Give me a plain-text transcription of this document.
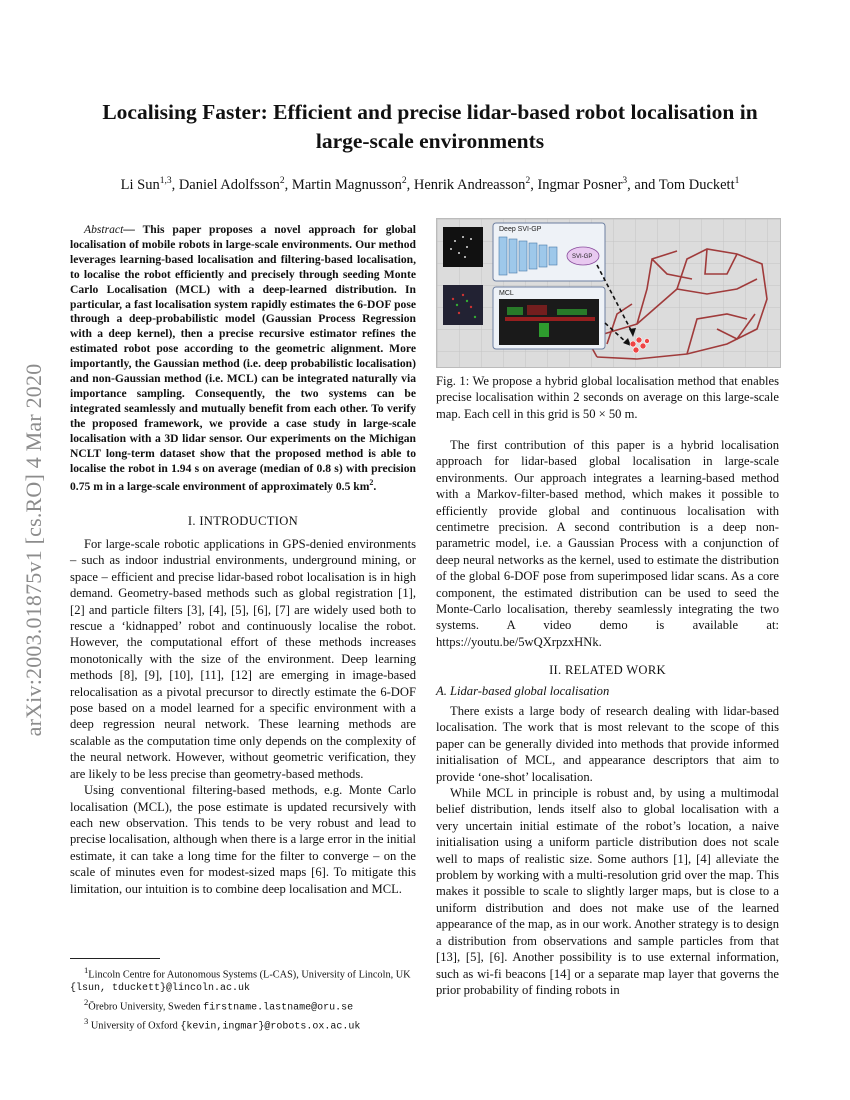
arXiv:2003.01875v1 [cs.RO] 4 Mar 2020
Localising Faster: Efficient and precise lidar-based robot localisation in
large-scale environments
Li Sun$^{1,3}$, Daniel Adolfsson$^2$, Martin Magnusson$^2$, Henrik Andreasson$^2$, Ingmar Posner$^3$, and Tom Duckett$^1$

Abstract— This paper proposes a novel approach for global localisation of mobile robots in large-scale environments. Our method leverages learning-based localisation and filtering-based localisation, to localise the robot efficiently and precisely through seeding Monte Carlo Localisation (MCL) with a deep-learned distribution. In particular, a fast localisation system rapidly estimates the 6-DOF pose through a deep-probabilistic model (Gaussian Process Regression with a deep kernel), then a precise recursive estimator refines the estimated robot pose according to the geometric alignment. More importantly, the Gaussian method (i.e. deep probabilistic localisation) and non-Gaussian method (i.e. MCL) can be integrated naturally via importance sampling. Consequently, the two systems can be integrated seamlessly and mutually benefit from each other. To verify the proposed framework, we provide a case study in large-scale localisation with a 3D lidar sensor. Our experiments on the Michigan NCLT long-term dataset show that the proposed method is able to localise the robot in 1.94 s on average (median of 0.8 s) with precision 0.75 m in a large-scale environment of approximately 0.5 $km^2$.

I. INTRODUCTION

For large-scale robotic applications in GPS-denied environments – such as indoor industrial environments, underground mining, or space – efficient and precise lidar-based robot localisation is in high demand. Geometry-based methods such as global registration [1], [2] and particle filters [3], [4], [5], [6], [7] are widely used both to rescue a ‘kidnapped’ robot and continuously localise the robot. However, the computational effort of these methods increases monotonically with the size of the environment. Deep learning methods [8], [9], [10], [11], [12] are emerging in image-based relocalisation as a pivotal precursor to directly estimate the 6-DOF pose based on a model learned for a specific environment with a deep regression neural network. These learning methods are scalable as the computation time only depends on the complexity of the neural network. However, without geometric verification, they are likely to be less precise than geometry-based methods.

Using conventional filtering-based methods, e.g. Monte Carlo localisation (MCL), the pose estimate is updated recursively with each new observation. This tends to be very robust and lead to precise localisation, although when there is a large error in the initial estimate, it can take a long time for the filter to converge – on the scale of minutes even for modest-sized maps [6]. To mitigate this limitation, our intuition is to combine deep localisation and MCL.

$^1$Lincoln Centre for Autonomous Systems (L-CAS), University of Lincoln, UK {lsun, tduckett}@lincoln.ac.uk
$^2$Örebro University, Sweden firstname.lastname@oru.se
$^3$ University of Oxford {kevin,ingmar}@robots.ox.ac.uk
Deep SVI-GP
SVI-GP
MCL
Fig. 1: We propose a hybrid global localisation method that enables precise localisation within 2 seconds on average on this large-scale map. Each cell in this grid is 50 × 50 m.

The first contribution of this paper is a hybrid localisation approach for lidar-based global localisation in large-scale environments. Our approach integrates a learning-based method with a Markov-filter-based method, which makes it possible to efficiently provide global and continuous localisation with centimetre precision. A second contribution is a deep non-parametric model, i.e. a Gaussian Process with a conjunction of deep neural networks as the kernel, used to estimate the distribution of the global 6-DOF pose from superimposed lidar scans. As a core component, the estimated distribution can be used to seed the Monte-Carlo localisation, thereby seamlessly integrating the two systems. A video demo is available at: https://youtu.be/5wQXrpzxHNk.

II. RELATED WORK
A. Lidar-based global localisation

There exists a large body of research dealing with lidar-based localisation. The work that is most relevant to the scope of this paper can be generally divided into methods that provide informed initialisation of MCL, and appearance descriptors that aim to provide ‘one-shot’ localisation.

While MCL in principle is robust and, by using a multimodal belief distribution, lends itself also to global localisation with a very uncertain initial estimate of the robot’s location, a naive initialisation using a uniform particle distribution does not scale well to maps of realistic size. Some authors [1], [4] alleviate the problem by working with a multi-resolution grid over the map. This makes it possible to scale to slightly larger maps, but is close to a uniform distribution and does not make use of the learned appearance of the map, as in our work. Another strategy is to design a distribution from observations and sample particles from that [13], [5], [6]. Another possibility is to use external information, such as wi-fi beacons [14] or a separate map layer that governs the prior probability of finding robots in
